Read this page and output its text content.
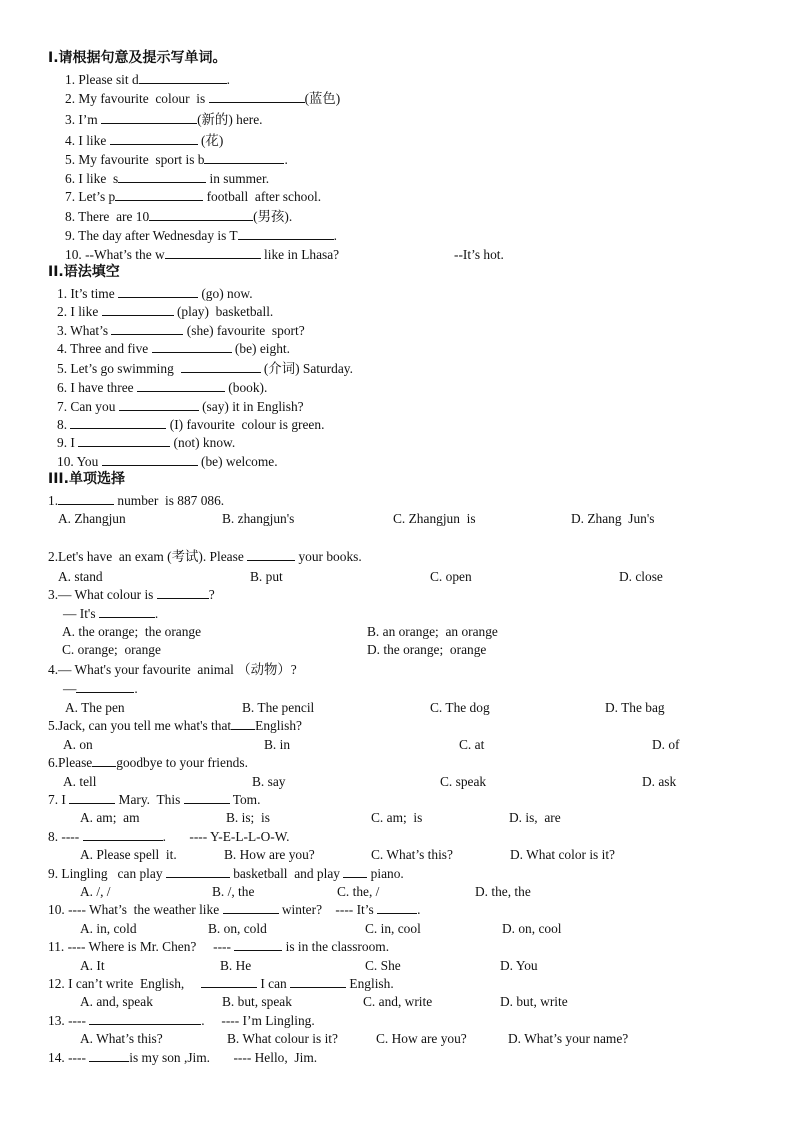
I.请根据句意及提示写单词。
1. Please sit d	.
2. My favourite  colour  is	(蓝色)
3. I’m	(新的) here.
4. I like	(花)
5. My favourite  sport is b	.
6. I like  s	in summer.
7. Let’s p	football  after school.
8. There  are 10	(男孩).
9. The day after Wednesday is T	.
10. --What’s the w	like in Lhasa?	--It’s hot.
II.语法填空
1. It’s time	(go) now.
2. I like	(play)  basketball.
3. What’s	(she) favourite  sport?
4. Three and five	(be) eight.
5. Let’s go swimming	(介词) Saturday.
6. I have three	(book).
7. Can you	(say) it in English?
8.	(I) favourite  colour is green.
9. I	(not) know.
10. You	(be) welcome.
III.单项选择
1.	number  is 887 086.
A. Zhangjun	B. zhangjun's	C. Zhangjun  is	D. Zhang  Jun's
2.Let's have  an exam (考试). Please	your books.
A. stand	B. put	C. open	D. close
3.— What colour is	?
— It's	.
A. the orange;  the orange	B. an orange;  an orange
C. orange;  orange	D. the orange;  orange
4.— What's your favourite  animal （动物）?
—	.
A. The pen	B. The pencil	C. The dog	D. The bag
5.Jack, can you tell me what's that English?
A. on	B. in	C. at	D. of
6.Please goodbye to your friends.
A. tell	B. say	C. speak	D. ask
7. I	Mary.  This	Tom.
A. am;  am	B. is;  is	C. am;  is	D. is,  are
8. ----	.       ---- Y-E-L-L-O-W.
A. Please spell  it.	B. How are you?	C. What’s this?	D. What color is it?
9. Lingling   can play	basketball  and play  piano.
A. /, /	B. /, the	C. the, /	D. the, the
10. ---- What’s  the weather like	winter?    ---- It’s	.
A. in, cold	B. on, cold	C. in, cool	D. on, cool
11. ---- Where is Mr. Chen?     ----	is in the classroom.
A. It	B. He	C. She	D. You
12. I can’t write  English,	I can	English.
A. and, speak	B. but, speak	C. and, write	D. but, write
13. ----	.     ---- I’m Lingling.
A. What’s this?	B. What colour is it?	C. How are you?	D. What’s your name?
14. ----	is my son ,Jim.       ---- Hello,  Jim.
